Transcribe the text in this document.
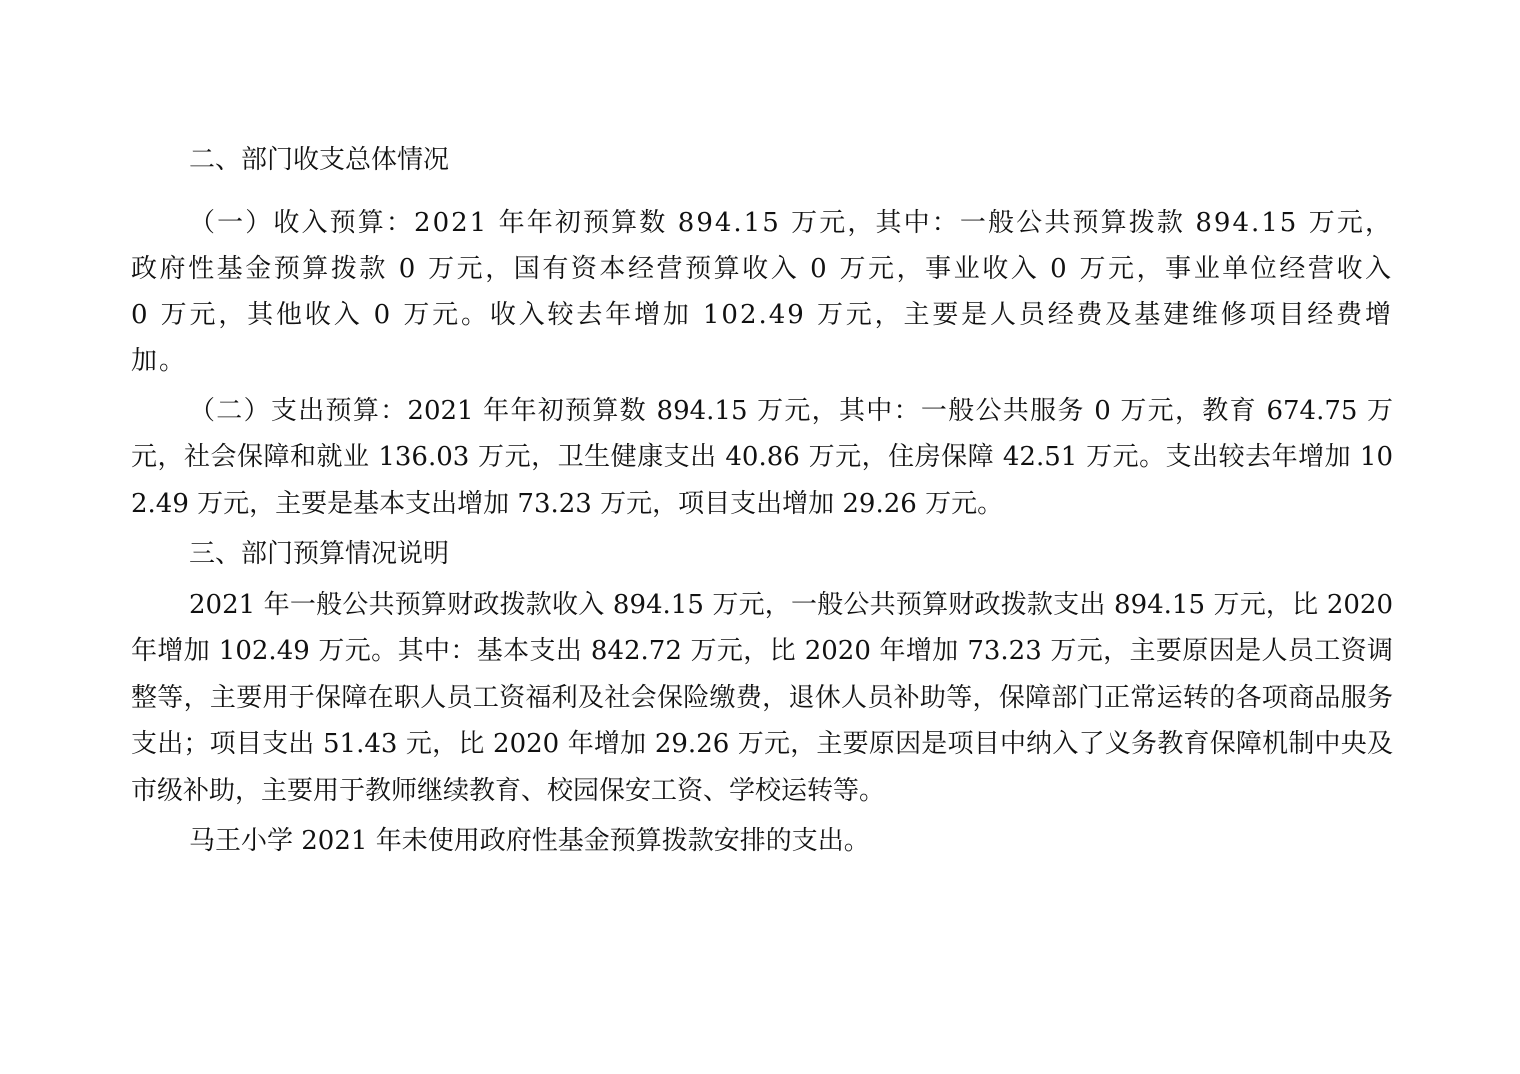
二、部门收支总体情况

（一）收入预算：2021 年年初预算数 894.15 万元，其中：一般公共预算拨款 894.15 万元，政府性基金预算拨款 0 万元，国有资本经营预算收入 0 万元，事业收入 0 万元，事业单位经营收入 0 万元，其他收入 0 万元。收入较去年增加 102.49 万元，主要是人员经费及基建维修项目经费增加。

（二）支出预算：2021 年年初预算数 894.15 万元，其中：一般公共服务 0 万元，教育 674.75 万元，社会保障和就业 136.03 万元，卫生健康支出 40.86 万元，住房保障 42.51 万元。支出较去年增加 102.49 万元，主要是基本支出增加 73.23 万元，项目支出增加 29.26 万元。

三、部门预算情况说明

2021 年一般公共预算财政拨款收入 894.15 万元，一般公共预算财政拨款支出 894.15 万元，比 2020 年增加 102.49 万元。其中：基本支出 842.72 万元，比 2020 年增加 73.23 万元，主要原因是人员工资调整等，主要用于保障在职人员工资福利及社会保险缴费，退休人员补助等，保障部门正常运转的各项商品服务支出；项目支出 51.43 元，比 2020 年增加 29.26 万元，主要原因是项目中纳入了义务教育保障机制中央及市级补助，主要用于教师继续教育、校园保安工资、学校运转等。

马王小学 2021 年未使用政府性基金预算拨款安排的支出。
